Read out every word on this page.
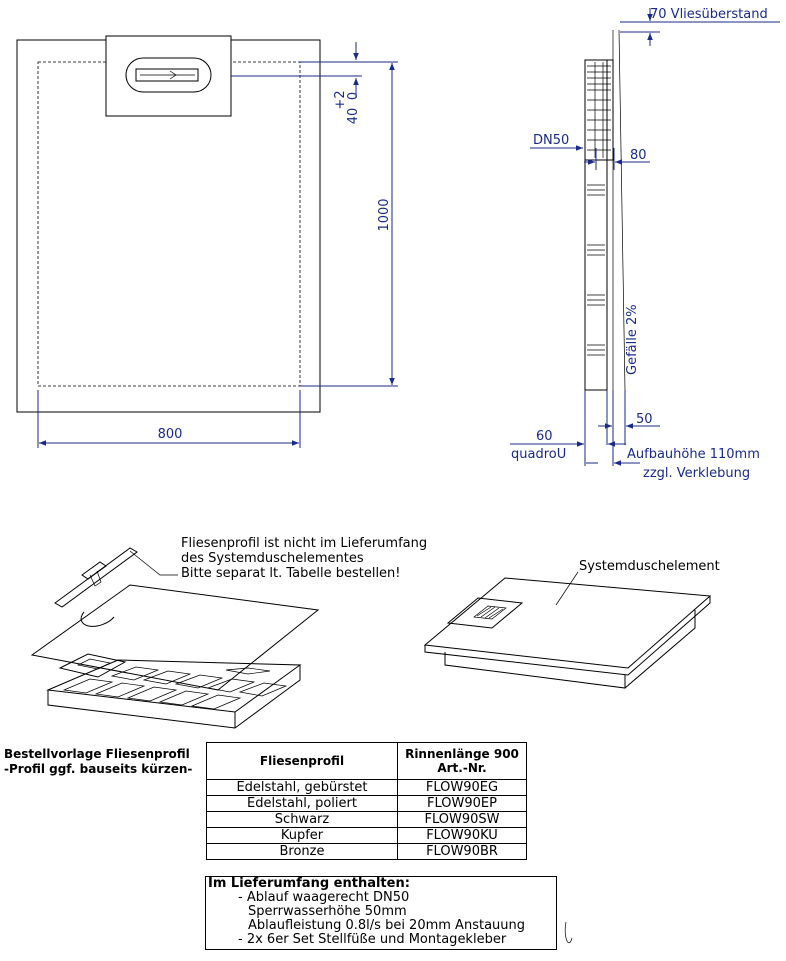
800
1000
+2
0
40
70 Vliesüberstand
DN50
80
Gefälle 2%
50
60
quadroU	Aufbauhöhe 110mm
zzgl. Verklebung
Fliesenprofil ist nicht im Lieferumfang
des Systemduschelementes
Bitte separat lt. Tabelle bestellen!	Systemduschelement
Bestellvorlage Fliesenprofil
-Profil ggf. bauseits kürzen-
Fliesenprofil	Rinnenlänge 900
Art.-Nr.

Edelstahl, gebürstet	FLOW90EG
Edelstahl, poliert	FLOW90EP
Schwarz	FLOW90SW
Kupfer	FLOW90KU
Bronze	FLOW90BR
Im Lieferumfang enthalten:
- Ablauf waagerecht DN50
Sperrwasserhöhe 50mm
Ablaufleistung 0.8l/s bei 20mm Anstauung
- 2x 6er Set Stellfüße und Montagekleber
